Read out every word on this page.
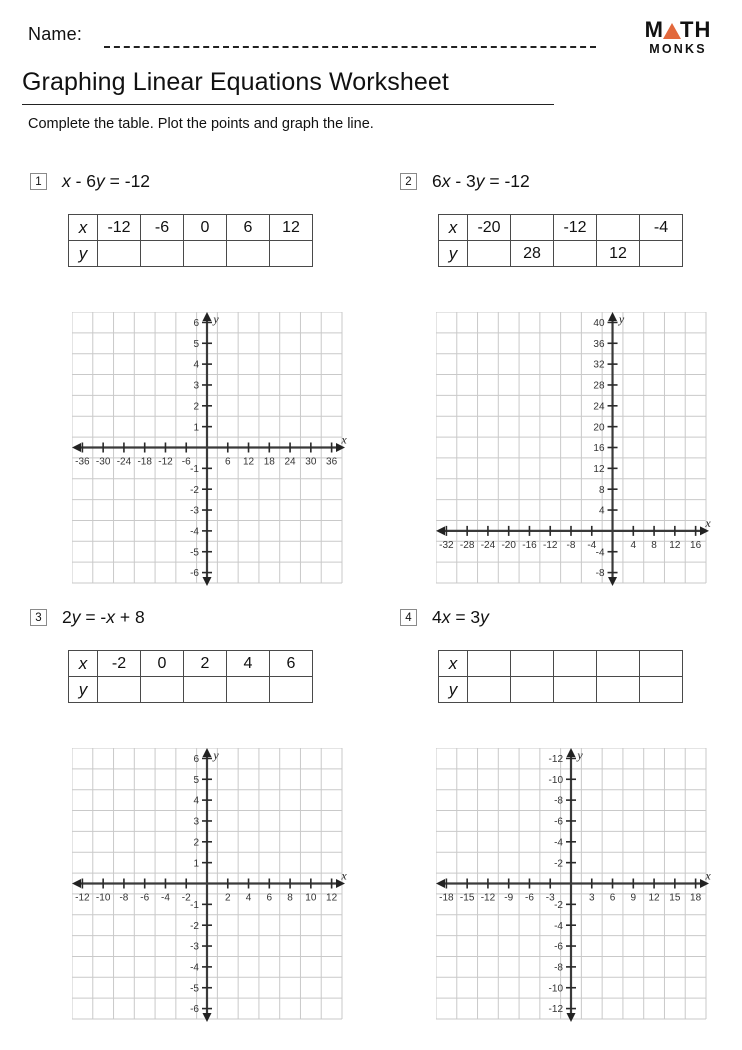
Name:	M TH
MONKS
Graphing Linear Equations Worksheet
Complete the table. Plot the points and graph the line.
1	x - 6y = -12
x	-12	-6	0	6	12
y					
2	6x - 3y = -12
x	-20		-12		-4
y		28		12	
3	2y = -x + 8
x	-2	0	2	4	6
y					
4	4x = 3y
x					
y					
-36 -30 -24 -18 -12 -6	6 12 18 24 30 36
6
5
4
3
2
1
-1
-2
-3
-4
-5
-6
x
y
-32 -28 -24 -20 -16 -12 -8 -4	4 8 12 16
40
36
32
28
24
20
16
12
8
4
-4
-8
x
y
-12 -10 -8 -6 -4 -2	2 4 6 8 10 12
6
5
4
3
2
1
-1
-2
-3
-4
-5
-6
x
y
-18 -15 -12 -9 -6 -3	3 6 9 12 15 18
-12
-10
-8
-6
-4
-2
-2
-4
-6
-8
-10
-12
x
y
